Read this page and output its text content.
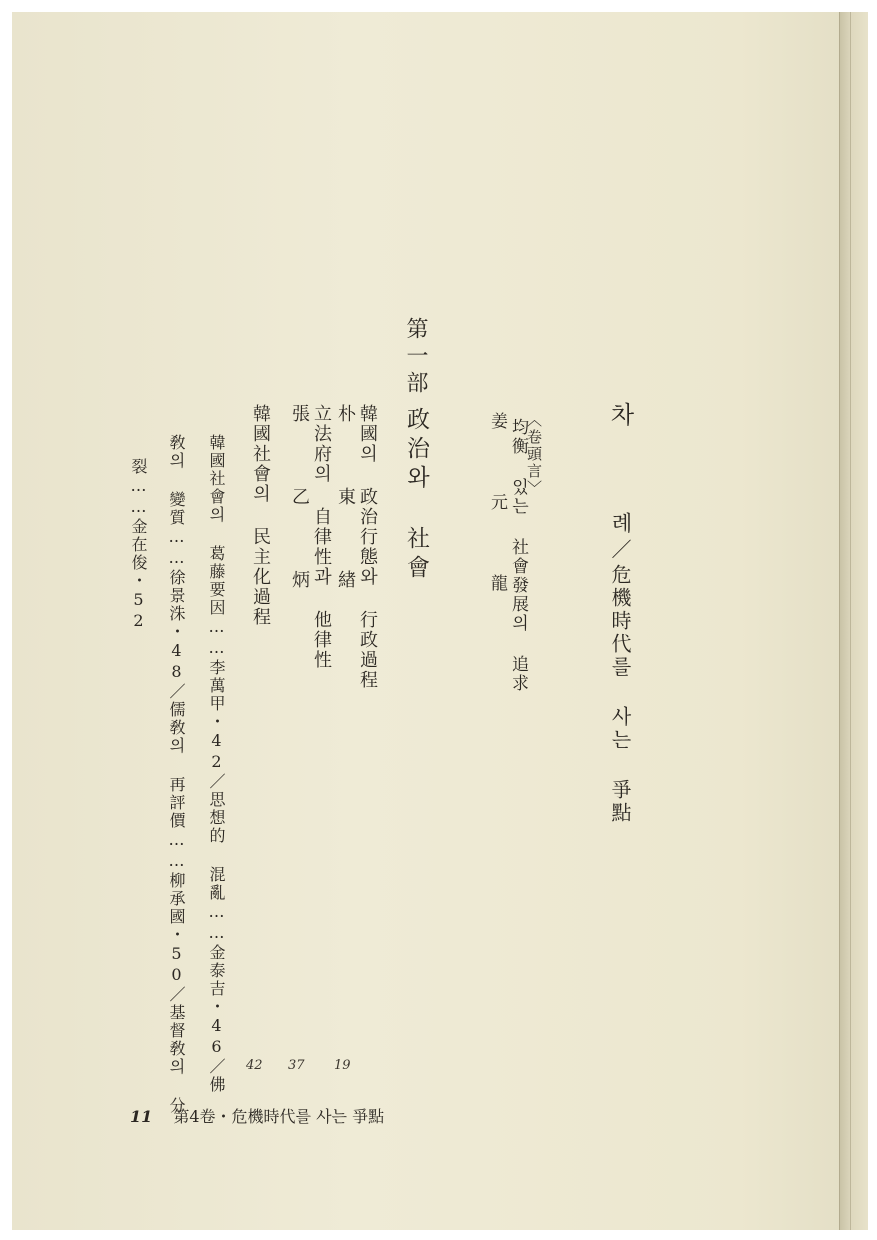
차
례
／
危機時代를 사는 爭點
〈卷頭言〉
均衡 있는 社會發展의 追求
姜 元 龍
第一部
政治와 社會
韓國의 政治行態와 行政過程
朴 東 緖
19
立法府의 自律性과 他律性
張 乙 炳
37
韓國社會의 民主化過程
42
韓國社會의 葛藤要因……李萬甲・42／思想的 混亂……金泰吉・46／佛
敎의 變質……徐景洙・48／儒敎의 再評價……柳承國・50／基督敎의 分
裂……金在俊・52
11 第4卷・危機時代를 사는 爭點
